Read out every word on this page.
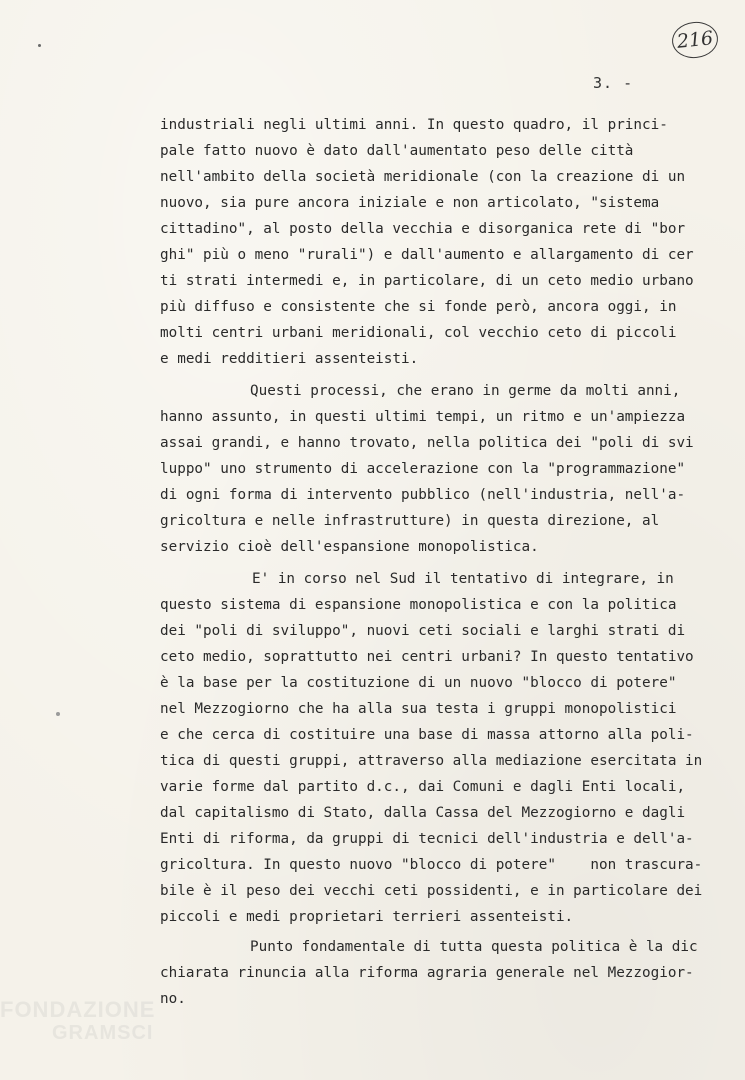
216
3. -
industriali negli ultimi anni. In questo quadro, il princi-
pale fatto nuovo è dato dall'aumentato peso delle città
nell'ambito della società meridionale (con la creazione di un
nuovo, sia pure ancora iniziale e non articolato, "sistema
cittadino", al posto della vecchia e disorganica rete di "bor
ghi" più o meno "rurali") e dall'aumento e allargamento di cer
ti strati intermedi e, in particolare, di un ceto medio urbano
più diffuso e consistente che si fonde però, ancora oggi, in
molti centri urbani meridionali, col vecchio ceto di piccoli
e medi redditieri assenteisti.
Questi processi, che erano in germe da molti anni,
hanno assunto, in questi ultimi tempi, un ritmo e un'ampiezza
assai grandi, e hanno trovato, nella politica dei "poli di svi
luppo" uno strumento di accelerazione con la "programmazione"
di ogni forma di intervento pubblico (nell'industria, nell'a-
gricoltura e nelle infrastrutture) in questa direzione, al
servizio cioè dell'espansione monopolistica.
E' in corso nel Sud il tentativo di integrare, in
questo sistema di espansione monopolistica e con la politica
dei "poli di sviluppo", nuovi ceti sociali e larghi strati di
ceto medio, soprattutto nei centri urbani? In questo tentativo
è la base per la costituzione di un nuovo "blocco di potere"
nel Mezzogiorno che ha alla sua testa i gruppi monopolistici
e che cerca di costituire una base di massa attorno alla poli-
tica di questi gruppi, attraverso alla mediazione esercitata in
varie forme dal partito d.c., dai Comuni e dagli Enti locali,
dal capitalismo di Stato, dalla Cassa del Mezzogiorno e dagli
Enti di riforma, da gruppi di tecnici dell'industria e dell'a-
gricoltura. In questo nuovo "blocco di potere"    non trascura-
bile è il peso dei vecchi ceti possidenti, e in particolare dei
piccoli e medi proprietari terrieri assenteisti.
Punto fondamentale di tutta questa politica è la dic
chiarata rinuncia alla riforma agraria generale nel Mezzogior-
no.
FONDAZIONE
GRAMSCI
